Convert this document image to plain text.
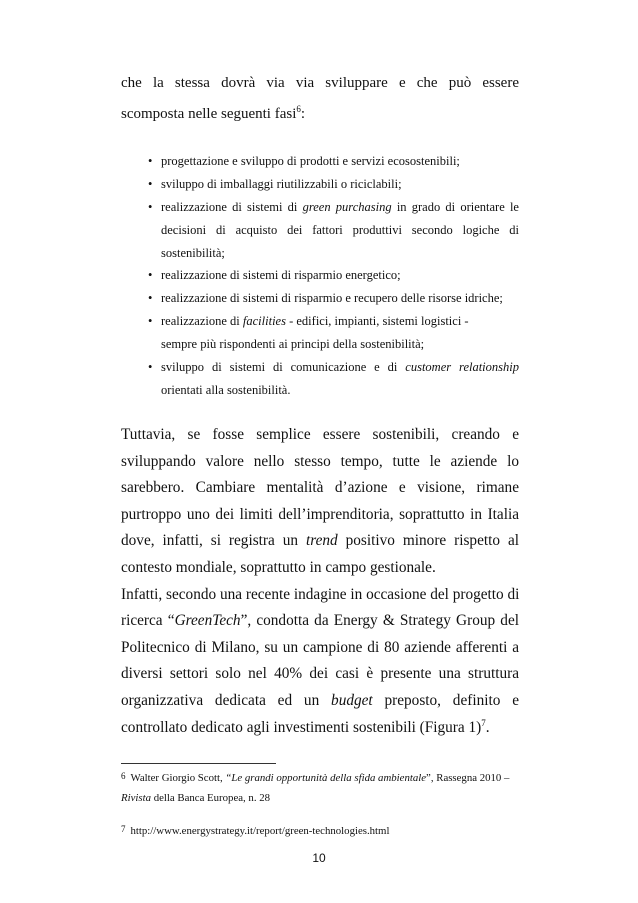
che la stessa dovrà via via sviluppare e che può essere
scomposta nelle seguenti fasi$^6$:
• progettazione e sviluppo di prodotti e servizi ecosostenibili;
• sviluppo di imballaggi riutilizzabili o riciclabili;
• realizzazione di sistemi di green purchasing in grado di orientare le
decisioni di acquisto dei fattori produttivi secondo logiche di
sostenibilità;
• realizzazione di sistemi di risparmio energetico;
• realizzazione di sistemi di risparmio e recupero delle risorse idriche;
• realizzazione di facilities - edifici, impianti, sistemi logistici -
sempre più rispondenti ai principi della sostenibilità;
• sviluppo di sistemi di comunicazione e di customer relationship
orientati alla sostenibilità.
Tuttavia, se fosse semplice essere sostenibili, creando e
sviluppando valore nello stesso tempo, tutte le aziende lo
sarebbero. Cambiare mentalità d’azione e visione, rimane
purtroppo uno dei limiti dell’imprenditoria, soprattutto in Italia
dove, infatti, si registra un trend positivo minore rispetto al
contesto mondiale, soprattutto in campo gestionale.
Infatti, secondo una recente indagine in occasione del progetto di
ricerca “GreenTech”, condotta da Energy & Strategy Group del
Politecnico di Milano, su un campione di 80 aziende afferenti a
diversi settori solo nel 40% dei casi è presente una struttura
organizzativa dedicata ed un budget preposto, definito e
controllato dedicato agli investimenti sostenibili (Figura 1)$^7$.
6 Walter Giorgio Scott, “Le grandi opportunità della sfida ambientale”, Rassegna 2010 –
Rivista della Banca Europea, n. 28
7 http://www.energystrategy.it/report/green-technologies.html
10
